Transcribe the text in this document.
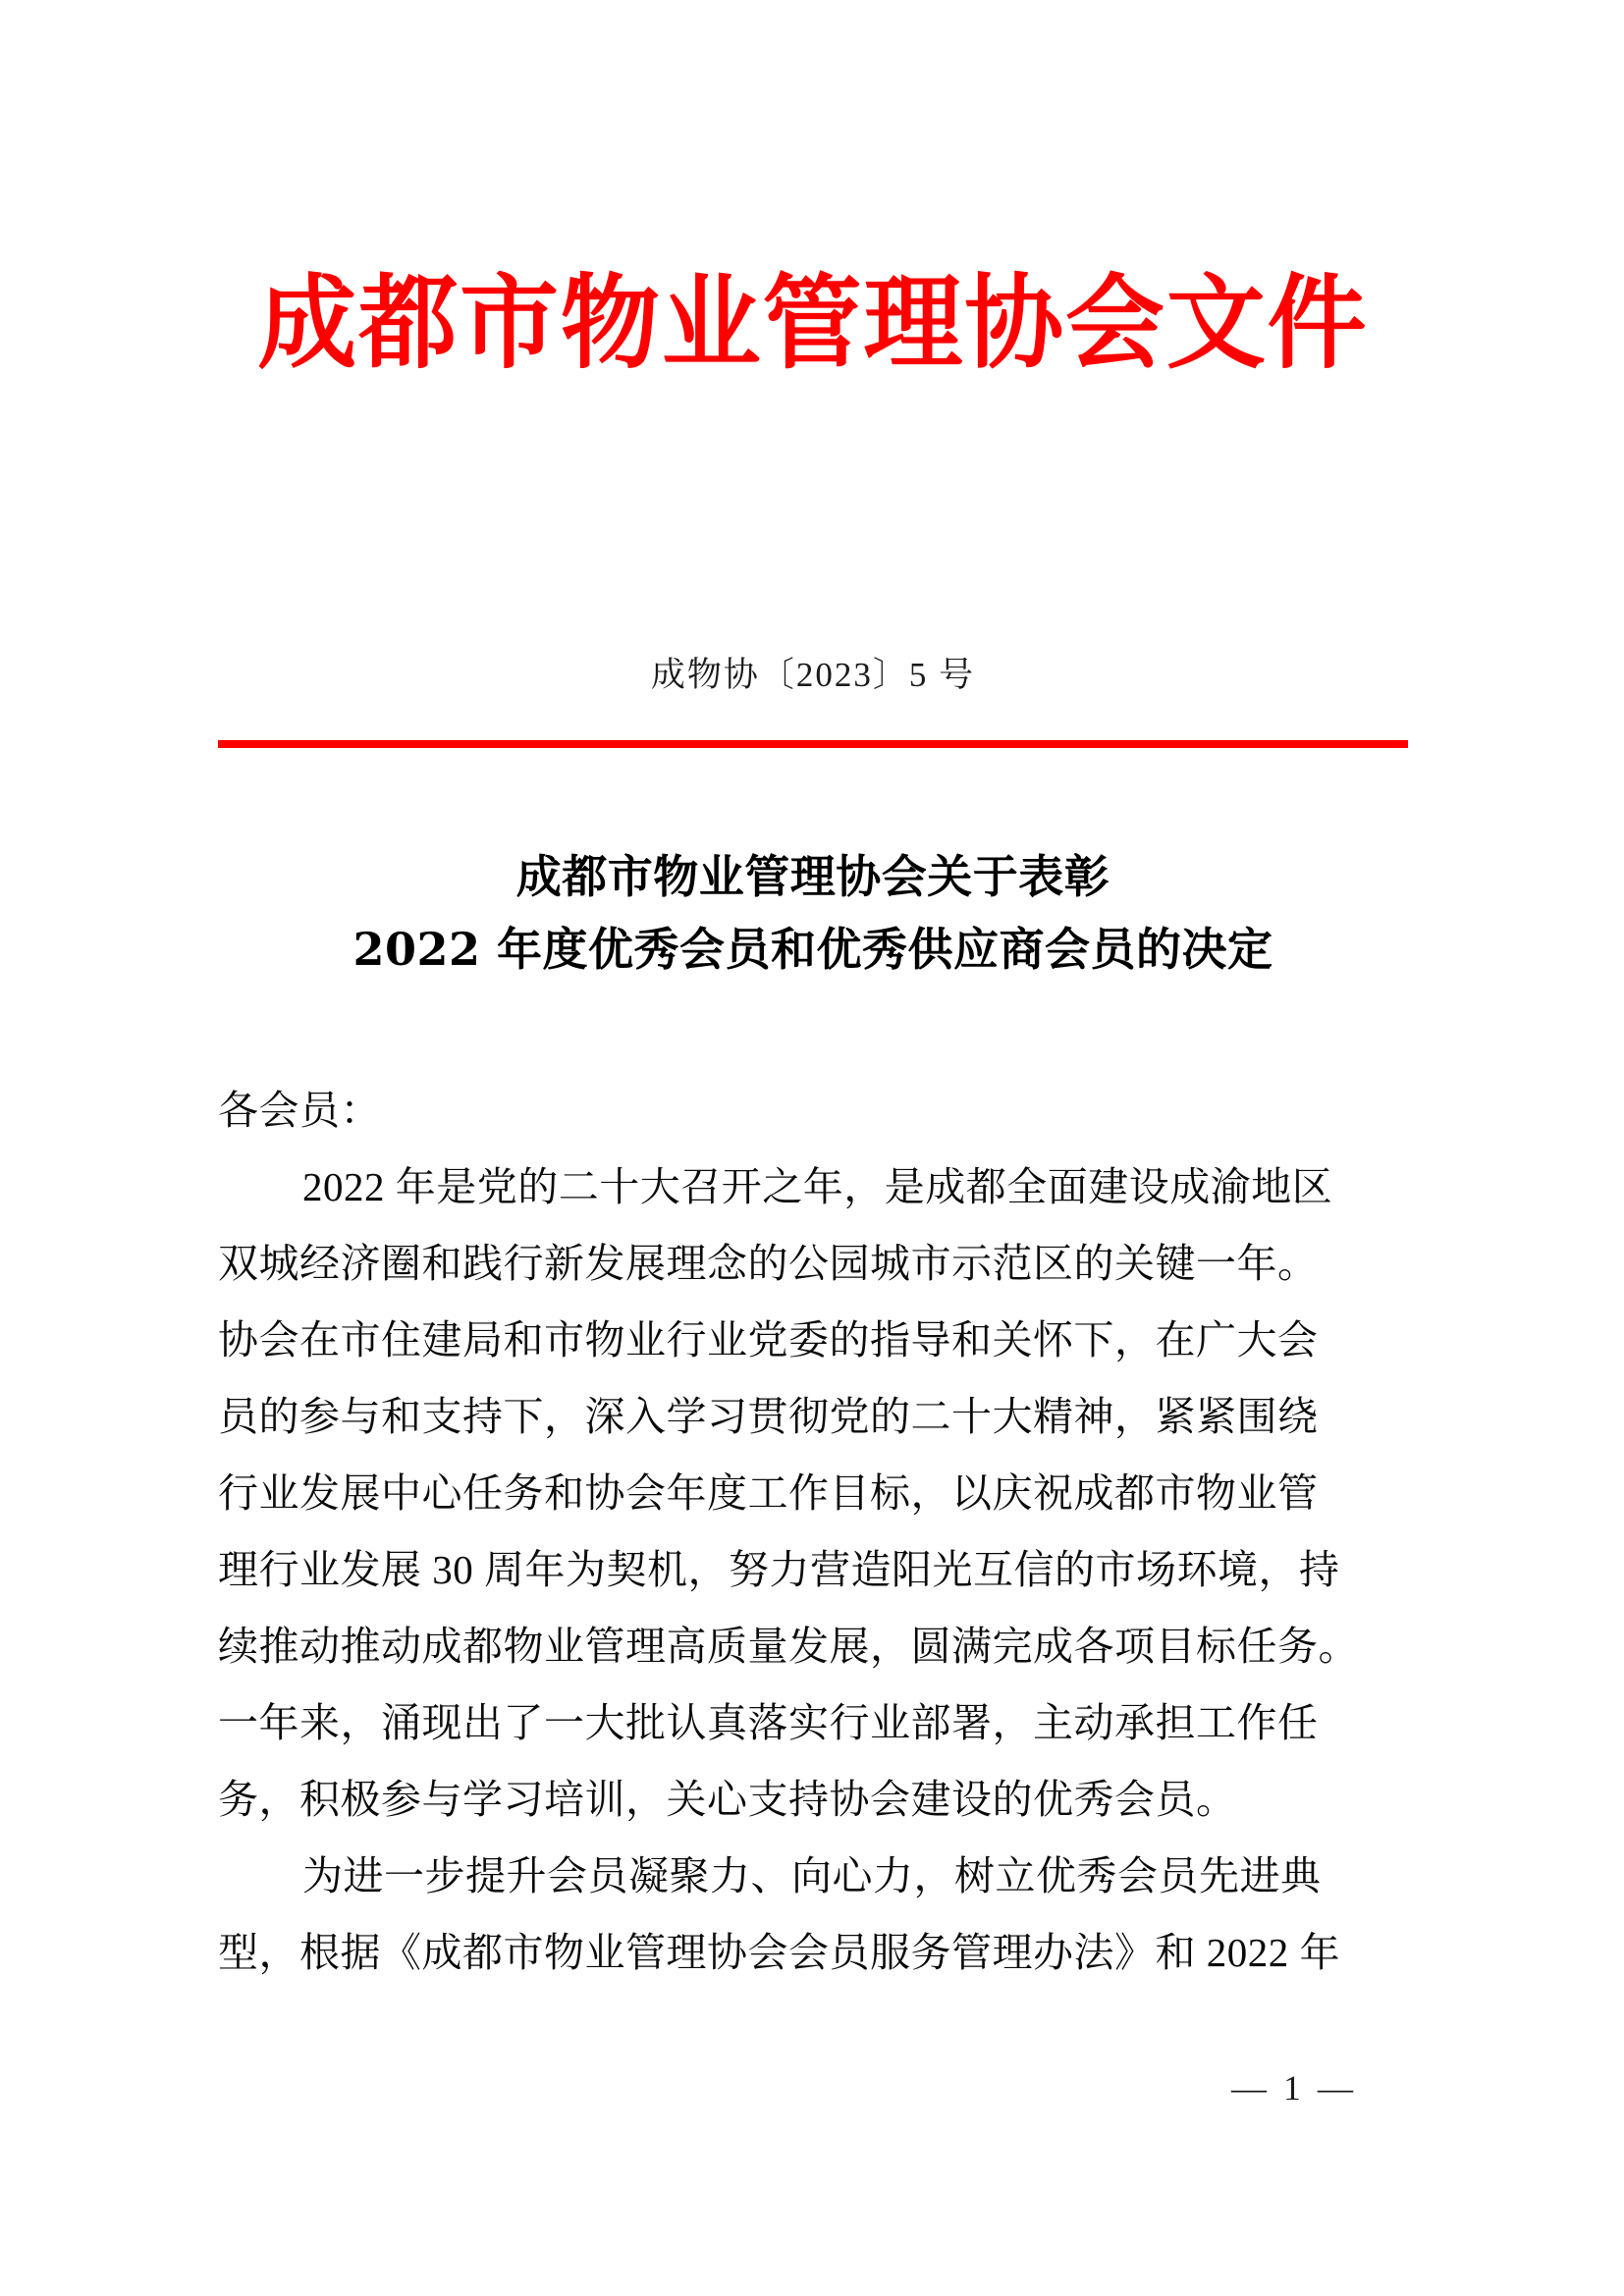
成都市物业管理协会文件
成物协〔2023〕5 号
成都市物业管理协会关于表彰
2022 年度优秀会员和优秀供应商会员的决定
各会员：
2022 年是党的二十大召开之年，是成都全面建设成渝地区
双城经济圈和践行新发展理念的公园城市示范区的关键一年。
协会在市住建局和市物业行业党委的指导和关怀下，在广大会
员的参与和支持下，深入学习贯彻党的二十大精神，紧紧围绕
行业发展中心任务和协会年度工作目标，以庆祝成都市物业管
理行业发展 30 周年为契机，努力营造阳光互信的市场环境，持
续推动推动成都物业管理高质量发展，圆满完成各项目标任务。
一年来，涌现出了一大批认真落实行业部署，主动承担工作任
务，积极参与学习培训，关心支持协会建设的优秀会员。
为进一步提升会员凝聚力、向心力，树立优秀会员先进典
型，根据《成都市物业管理协会会员服务管理办法》和 2022 年
— 1 —
